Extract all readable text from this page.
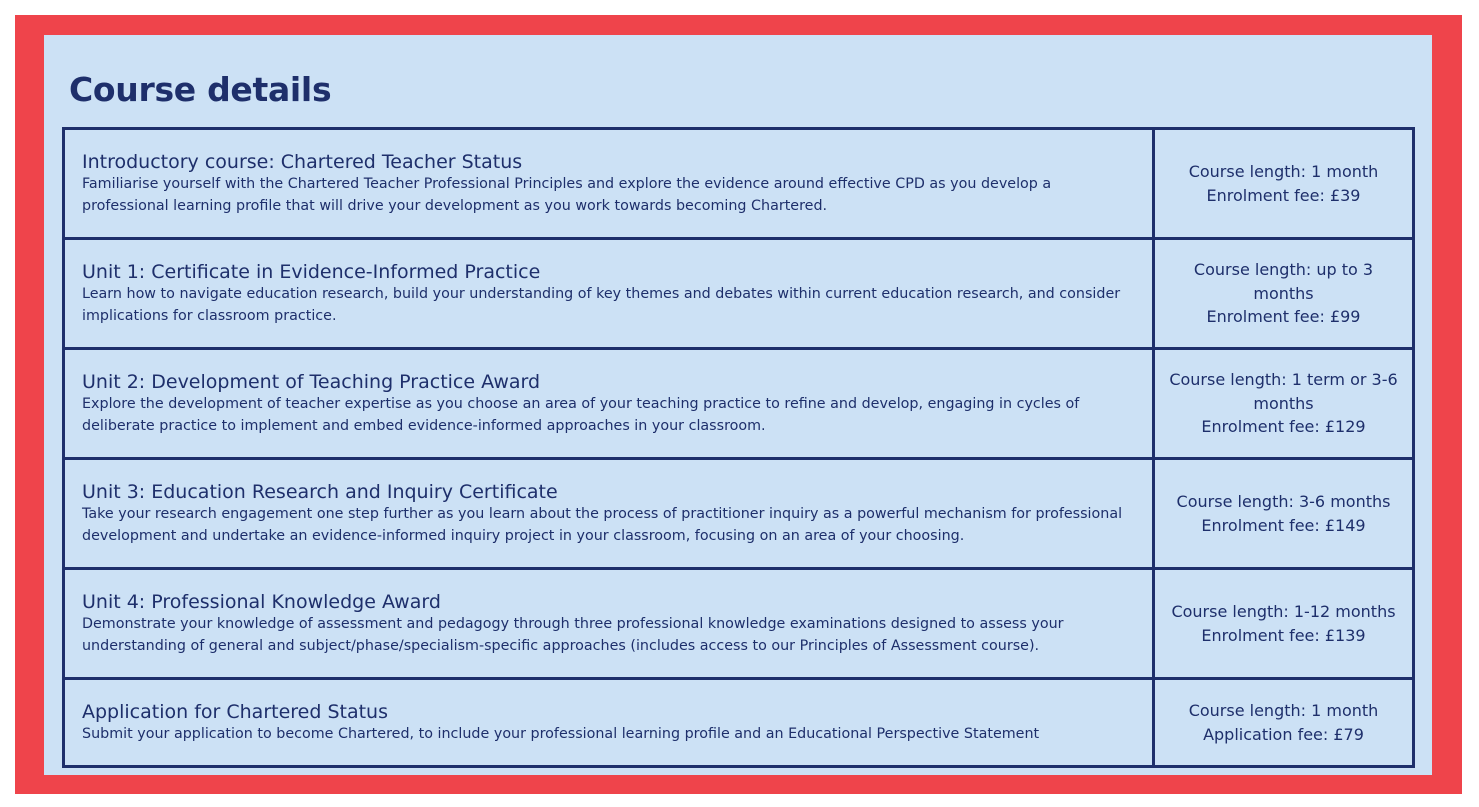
Course details
Introductory course: Chartered Teacher Status
Familiarise yourself with the Chartered Teacher Professional Principles and explore the evidence around effective CPD as you develop a professional learning profile that will drive your development as you work towards becoming Chartered.	Course length: 1 month
Enrolment fee: £39

Unit 1: Certificate in Evidence-Informed Practice
Learn how to navigate education research, build your understanding of key themes and debates within current education research, and consider implications for classroom practice.	Course length: up to 3 months
Enrolment fee: £99

Unit 2: Development of Teaching Practice Award
Explore the development of teacher expertise as you choose an area of your teaching practice to refine and develop, engaging in cycles of deliberate practice to implement and embed evidence-informed approaches in your classroom.	Course length: 1 term or 3-6 months
Enrolment fee: £129

Unit 3: Education Research and Inquiry Certificate
Take your research engagement one step further as you learn about the process of practitioner inquiry as a powerful mechanism for professional development and undertake an evidence-informed inquiry project in your classroom, focusing on an area of your choosing.	Course length: 3-6 months
Enrolment fee: £149

Unit 4: Professional Knowledge Award
Demonstrate your knowledge of assessment and pedagogy through three professional knowledge examinations designed to assess your understanding of general and subject/phase/specialism-specific approaches (includes access to our Principles of Assessment course).	Course length: 1-12 months
Enrolment fee: £139

Application for Chartered Status
Submit your application to become Chartered, to include your professional learning profile and an Educational Perspective Statement	Course length: 1 month
Application fee: £79
